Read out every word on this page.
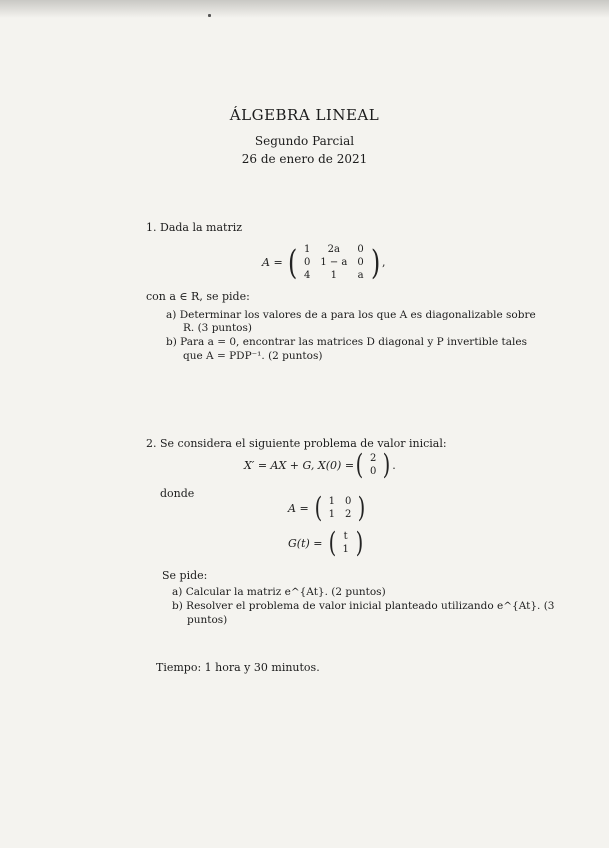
ÁLGEBRA LINEAL
Segundo Parcial
26 de enero de 2021
1. Dada la matriz
A = ( 1	2a	0
0	1 − a	0
4	1	a ) ,
con a ∈ R, se pide:
a) Determinar los valores de a para los que A es diagonalizable sobre
R. (3 puntos)
b) Para a = 0, encontrar las matrices D diagonal y P invertible tales
que A = PDP⁻¹. (2 puntos)
2. Se considera el siguiente problema de valor inicial:
X′ = AX + G, X(0) = ( 2
0 ) .
donde
A = ( 1	0
1	2 )
G(t) = ( t
1 )
Se pide:
a) Calcular la matriz e^{At}. (2 puntos)
b) Resolver el problema de valor inicial planteado utilizando e^{At}. (3
puntos)
Tiempo: 1 hora y 30 minutos.
